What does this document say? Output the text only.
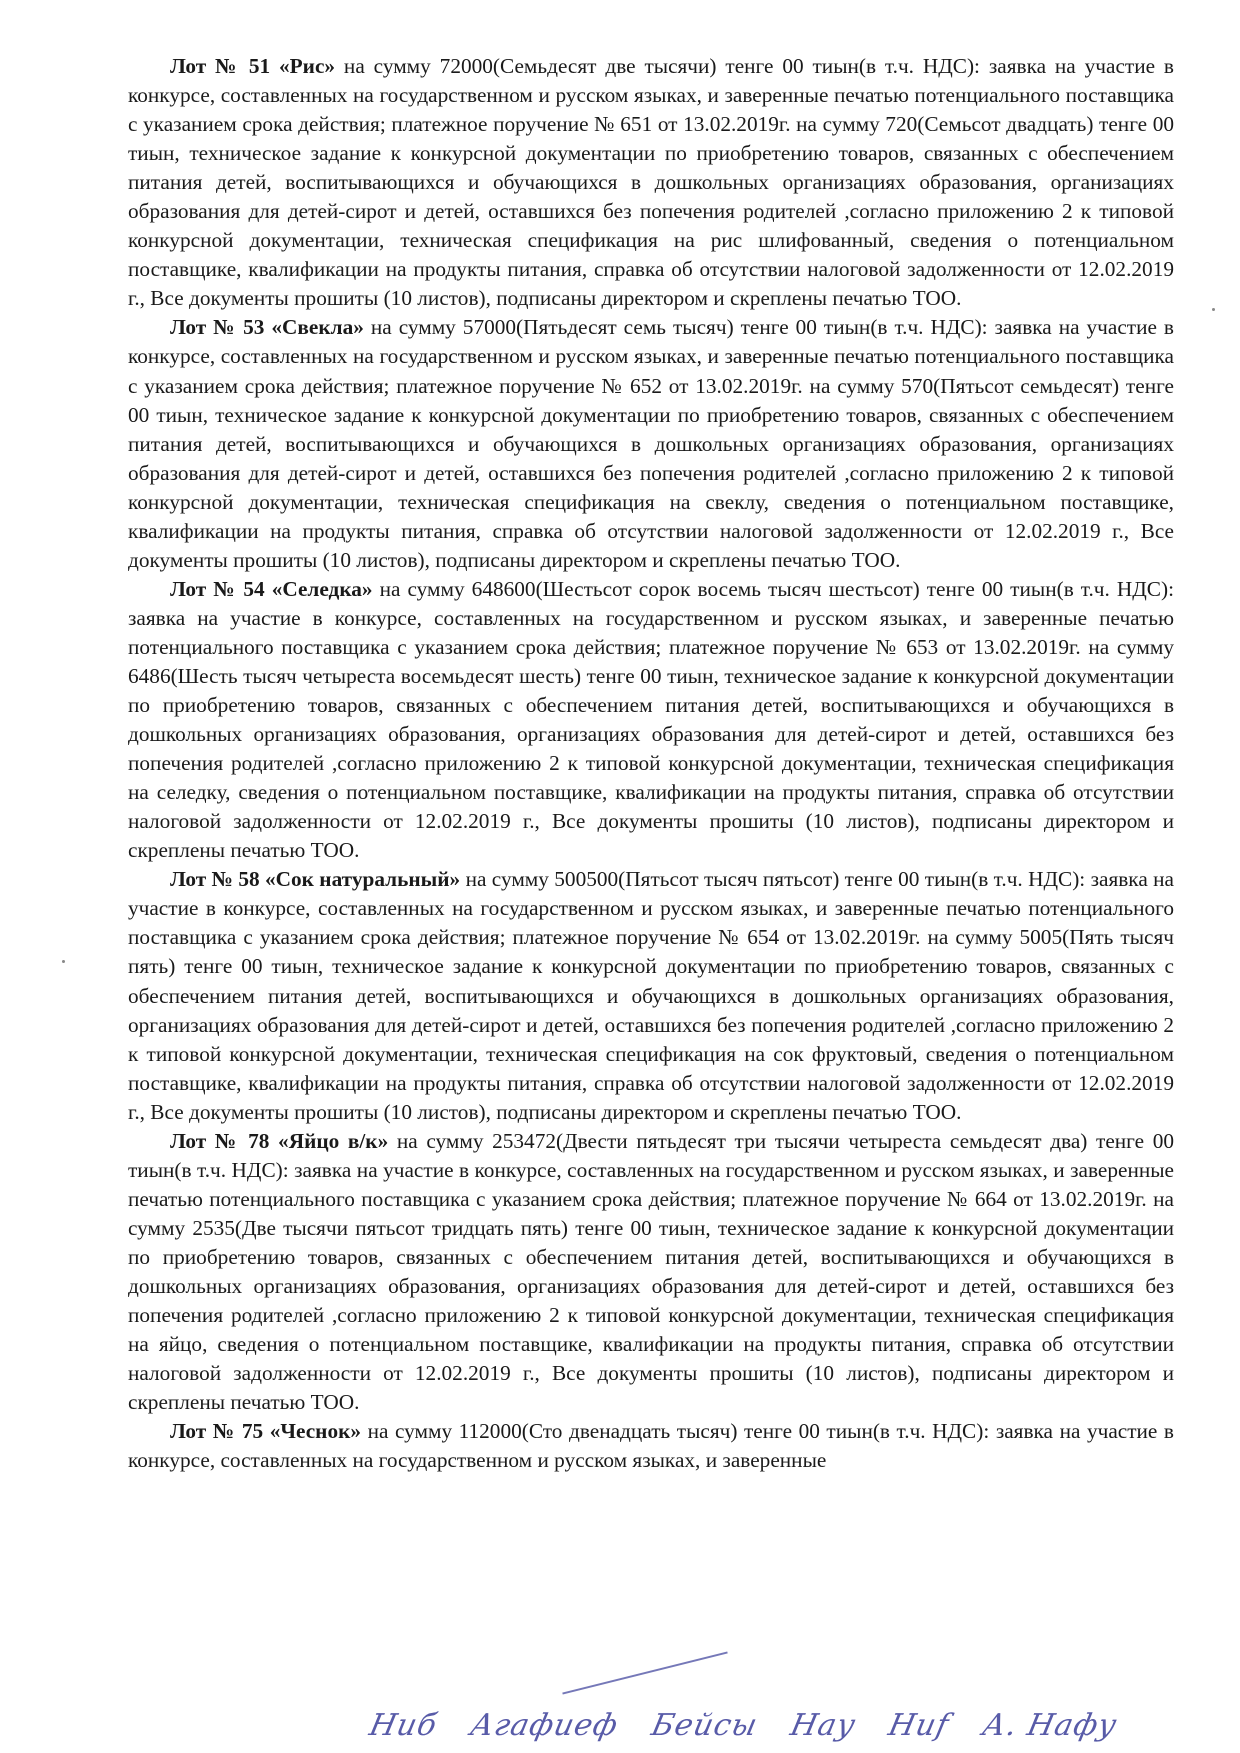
Лот № 51 «Рис» на сумму 72000(Семьдесят две тысячи) тенге 00 тиын(в т.ч. НДС): заявка на участие в конкурсе, составленных на государственном и русском языках, и заверенные печатью потенциального поставщика с указанием срока действия; платежное поручение № 651 от 13.02.2019г. на сумму 720(Семьсот двадцать) тенге 00 тиын, техническое задание к конкурсной документации по приобретению товаров, связанных с обеспечением питания детей, воспитывающихся и обучающихся в дошкольных организациях образования, организациях образования для детей-сирот и детей, оставшихся без попечения родителей ,согласно приложению 2 к типовой конкурсной документации, техническая спецификация на рис шлифованный, сведения о потенциальном поставщике, квалификации на продукты питания, справка об отсутствии налоговой задолженности от 12.02.2019 г., Все документы прошиты (10 листов), подписаны директором и скреплены печатью ТОО.

Лот № 53 «Свекла» на сумму 57000(Пятьдесят семь тысяч) тенге 00 тиын(в т.ч. НДС): заявка на участие в конкурсе, составленных на государственном и русском языках, и заверенные печатью потенциального поставщика с указанием срока действия; платежное поручение № 652 от 13.02.2019г. на сумму 570(Пятьсот семьдесят) тенге 00 тиын, техническое задание к конкурсной документации по приобретению товаров, связанных с обеспечением питания детей, воспитывающихся и обучающихся в дошкольных организациях образования, организациях образования для детей-сирот и детей, оставшихся без попечения родителей ,согласно приложению 2 к типовой конкурсной документации, техническая спецификация на свеклу, сведения о потенциальном поставщике, квалификации на продукты питания, справка об отсутствии налоговой задолженности от 12.02.2019 г., Все документы прошиты (10 листов), подписаны директором и скреплены печатью ТОО.

Лот № 54 «Селедка» на сумму 648600(Шестьсот сорок восемь тысяч шестьсот) тенге 00 тиын(в т.ч. НДС): заявка на участие в конкурсе, составленных на государственном и русском языках, и заверенные печатью потенциального поставщика с указанием срока действия; платежное поручение № 653 от 13.02.2019г. на сумму 6486(Шесть тысяч четыреста восемьдесят шесть) тенге 00 тиын, техническое задание к конкурсной документации по приобретению товаров, связанных с обеспечением питания детей, воспитывающихся и обучающихся в дошкольных организациях образования, организациях образования для детей-сирот и детей, оставшихся без попечения родителей ,согласно приложению 2 к типовой конкурсной документации, техническая спецификация на селедку, сведения о потенциальном поставщике, квалификации на продукты питания, справка об отсутствии налоговой задолженности от 12.02.2019 г., Все документы прошиты (10 листов), подписаны директором и скреплены печатью ТОО.

Лот № 58 «Сок натуральный» на сумму 500500(Пятьсот тысяч пятьсот) тенге 00 тиын(в т.ч. НДС): заявка на участие в конкурсе, составленных на государственном и русском языках, и заверенные печатью потенциального поставщика с указанием срока действия; платежное поручение № 654 от 13.02.2019г. на сумму 5005(Пять тысяч пять) тенге 00 тиын, техническое задание к конкурсной документации по приобретению товаров, связанных с обеспечением питания детей, воспитывающихся и обучающихся в дошкольных организациях образования, организациях образования для детей-сирот и детей, оставшихся без попечения родителей ,согласно приложению 2 к типовой конкурсной документации, техническая спецификация на сок фруктовый, сведения о потенциальном поставщике, квалификации на продукты питания, справка об отсутствии налоговой задолженности от 12.02.2019 г., Все документы прошиты (10 листов), подписаны директором и скреплены печатью ТОО.

Лот № 78 «Яйцо в/к» на сумму 253472(Двести пятьдесят три тысячи четыреста семьдесят два) тенге 00 тиын(в т.ч. НДС): заявка на участие в конкурсе, составленных на государственном и русском языках, и заверенные печатью потенциального поставщика с указанием срока действия; платежное поручение № 664 от 13.02.2019г. на сумму 2535(Две тысячи пятьсот тридцать пять) тенге 00 тиын, техническое задание к конкурсной документации по приобретению товаров, связанных с обеспечением питания детей, воспитывающихся и обучающихся в дошкольных организациях образования, организациях образования для детей-сирот и детей, оставшихся без попечения родителей ,согласно приложению 2 к типовой конкурсной документации, техническая спецификация на яйцо, сведения о потенциальном поставщике, квалификации на продукты питания, справка об отсутствии налоговой задолженности от 12.02.2019 г., Все документы прошиты (10 листов), подписаны директором и скреплены печатью ТОО.

Лот № 75 «Чеснок» на сумму 112000(Сто двенадцать тысяч) тенге 00 тиын(в т.ч. НДС): заявка на участие в конкурсе, составленных на государственном и русском языках, и заверенные

Ниб Агафиеф Бейсы Нау Ниf А. Нафу
